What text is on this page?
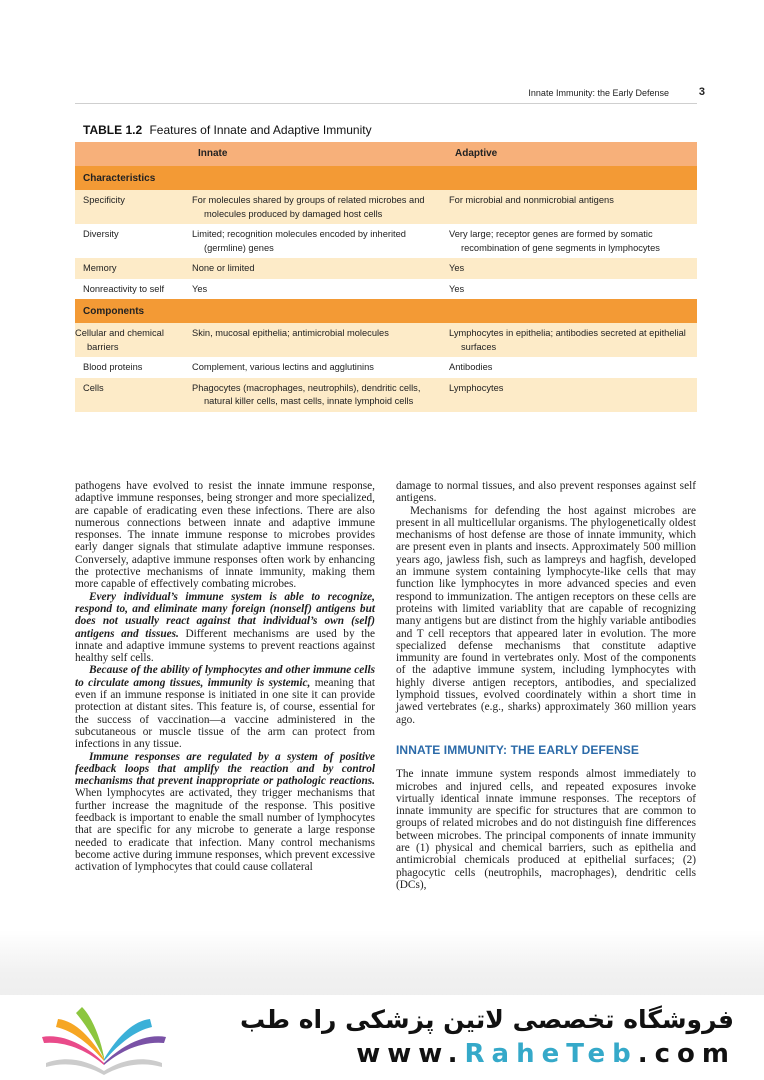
Innate Immunity: the Early Defense	3
TABLE 1.2 Features of Innate and Adaptive Immunity
	Innate	Adaptive
Characteristics		
Specificity	For molecules shared by groups of related microbes and molecules produced by damaged host cells	For microbial and nonmicrobial antigens
Diversity	Limited; recognition molecules encoded by inherited (germline) genes	Very large; receptor genes are formed by somatic recombination of gene segments in lymphocytes
Memory	None or limited	Yes
Nonreactivity to self	Yes	Yes
Components		
Cellular and chemical barriers	Skin, mucosal epithelia; antimicrobial molecules	Lymphocytes in epithelia; antibodies secreted at epithelial surfaces
Blood proteins	Complement, various lectins and agglutinins	Antibodies
Cells	Phagocytes (macrophages, neutrophils), dendritic cells, natural killer cells, mast cells, innate lymphoid cells	Lymphocytes

pathogens have evolved to resist the innate immune response, adaptive immune responses, being stronger and more specialized, are capable of eradicating even these infections. There are also numerous connections between innate and adaptive immune responses. The innate immune response to microbes provides early danger signals that stimulate adaptive immune responses. Conversely, adaptive immune responses often work by enhancing the protective mechanisms of innate immunity, making them more capable of effectively combating microbes.

Every individual’s immune system is able to recognize, respond to, and eliminate many foreign (nonself) antigens but does not usually react against that individual’s own (self) antigens and tissues. Different mechanisms are used by the innate and adaptive immune systems to prevent reactions against healthy self cells.

Because of the ability of lymphocytes and other immune cells to circulate among tissues, immunity is systemic, meaning that even if an immune response is initiated in one site it can provide protection at distant sites. This feature is, of course, essential for the success of vaccination—a vaccine administered in the subcutaneous or muscle tissue of the arm can protect from infections in any tissue.

Immune responses are regulated by a system of positive feedback loops that amplify the reaction and by control mechanisms that prevent inappropriate or pathologic reactions. When lymphocytes are activated, they trigger mechanisms that further increase the magnitude of the response. This positive feedback is important to enable the small number of lymphocytes that are specific for any microbe to generate a large response needed to eradicate that infection. Many control mechanisms become active during immune responses, which prevent excessive activation of lymphocytes that could cause collateral

damage to normal tissues, and also prevent responses against self antigens.

Mechanisms for defending the host against microbes are present in all multicellular organisms. The phylogenetically oldest mechanisms of host defense are those of innate immunity, which are present even in plants and insects. Approximately 500 million years ago, jawless fish, such as lampreys and hagfish, developed an immune system containing lymphocyte-like cells that may function like lymphocytes in more advanced species and even respond to immunization. The antigen receptors on these cells are proteins with limited variablity that are capable of recognizing many antigens but are distinct from the highly variable antibodies and T cell receptors that appeared later in evolution. The more specialized defense mechanisms that constitute adaptive immunity are found in vertebrates only. Most of the components of the adaptive immune system, including lymphocytes with highly diverse antigen receptors, antibodies, and specialized lymphoid tissues, evolved coordinately within a short time in jawed vertebrates (e.g., sharks) approximately 360 million years ago.

INNATE IMMUNITY: THE EARLY DEFENSE

The innate immune system responds almost immediately to microbes and injured cells, and repeated exposures invoke virtually identical innate immune responses. The receptors of innate immunity are specific for structures that are common to groups of related microbes and do not distinguish fine differences between microbes. The principal components of innate immunity are (1) physical and chemical barriers, such as epithelia and antimicrobial chemicals produced at epithelial surfaces; (2) phagocytic cells (neutrophils, macrophages), dendritic cells (DCs),

فروشگاه تخصصی لاتین پزشکی راه طب
www.RaheTeb.com
